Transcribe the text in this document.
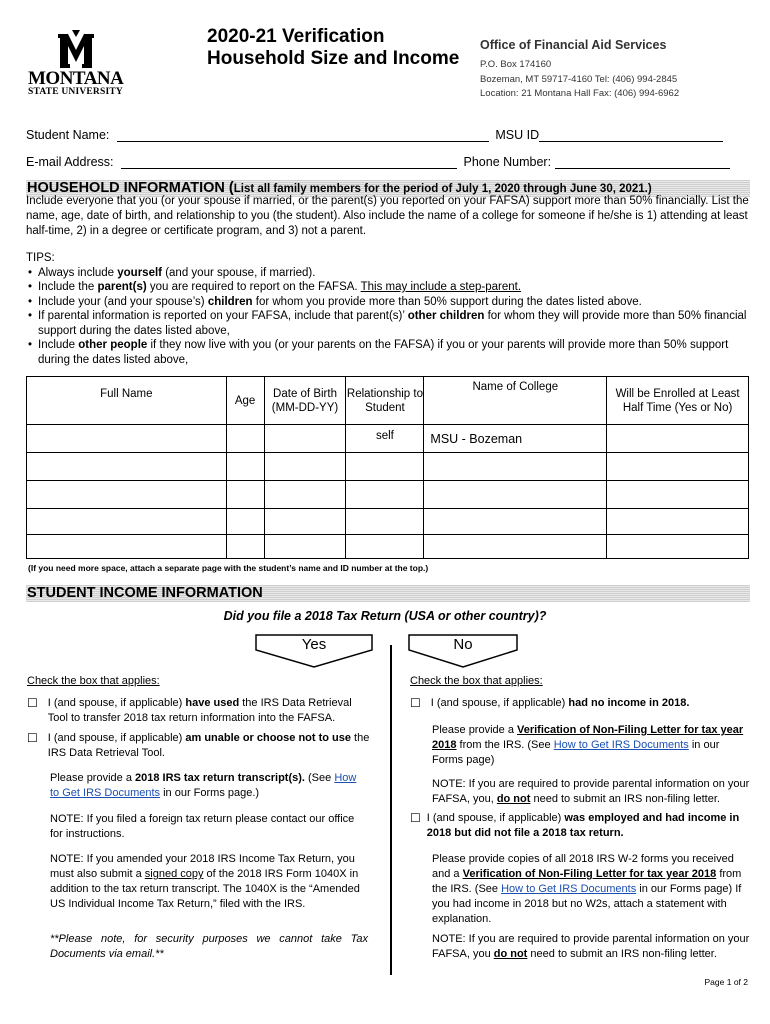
MONTANA
STATE UNIVERSITY
2020-21 Verification
Household Size and Income
Office of Financial Aid Services
P.O. Box 174160
Bozeman, MT 59717-4160 Tel: (406) 994-2845
Location: 21 Montana Hall Fax: (406) 994-6962
Student Name:	MSU ID
E-mail Address:	Phone Number:
HOUSEHOLD INFORMATION (List all family members for the period of July 1, 2020 through June 30, 2021.)
Include everyone that you (or your spouse if married, or the parent(s) you reported on your FAFSA) support more than 50% financially. List the name, age, date of birth, and relationship to you (the student). Also include the name of a college for someone if he/she is 1) attending at least half-time, 2) in a degree or certificate program, and 3) not a parent.
TIPS:
• Always include yourself (and your spouse, if married).
• Include the parent(s) you are required to report on the FAFSA. This may include a step-parent.
• Include your (and your spouse’s) children for whom you provide more than 50% support during the dates listed above.
• If parental information is reported on your FAFSA, include that parent(s)’ other children for whom they will provide more than 50% financial support during the dates listed above,
• Include other people if they now live with you (or your parents on the FAFSA) if you or your parents will provide more than 50% support during the dates listed above,
Full Name	Age	Date of Birth (MM-DD-YY)	Relationship to Student	Name of College	Will be Enrolled at Least Half Time (Yes or No)
			self	MSU - Bozeman	

(If you need more space, attach a separate page with the student’s name and ID number at the top.)
STUDENT INCOME INFORMATION
Did you file a 2018 Tax Return (USA or other country)?
Yes	No
Check the box that applies:
☐ I (and spouse, if applicable) have used the IRS Data Retrieval Tool to transfer 2018 tax return information into the FAFSA.

☐ I (and spouse, if applicable) am unable or choose not to use the IRS Data Retrieval Tool.

Please provide a 2018 IRS tax return transcript(s). (See How to Get IRS Documents in our Forms page.)
NOTE: If you filed a foreign tax return please contact our office for instructions.
NOTE: If you amended your 2018 IRS Income Tax Return, you must also submit a signed copy of the 2018 IRS Form 1040X in addition to the tax return transcript. The 1040X is the “Amended US Individual Income Tax Return,” filed with the IRS.
**Please note, for security purposes we cannot take Tax Documents via email.**
Check the box that applies:
☐ I (and spouse, if applicable) had no income in 2018.

Please provide a Verification of Non-Filing Letter for tax year 2018 from the IRS. (See How to Get IRS Documents in our Forms page)
NOTE: If you are required to provide parental information on your FAFSA, you, do not need to submit an IRS non-filing letter.
☐ I (and spouse, if applicable) was employed and had income in 2018 but did not file a 2018 tax return.

Please provide copies of all 2018 IRS W-2 forms you received and a Verification of Non-Filing Letter for tax year 2018 from the IRS. (See How to Get IRS Documents in our Forms page) If you had income in 2018 but no W2s, attach a statement with explanation.
NOTE: If you are required to provide parental information on your FAFSA, you do not need to submit an IRS non-filing letter.
Page 1 of 2
